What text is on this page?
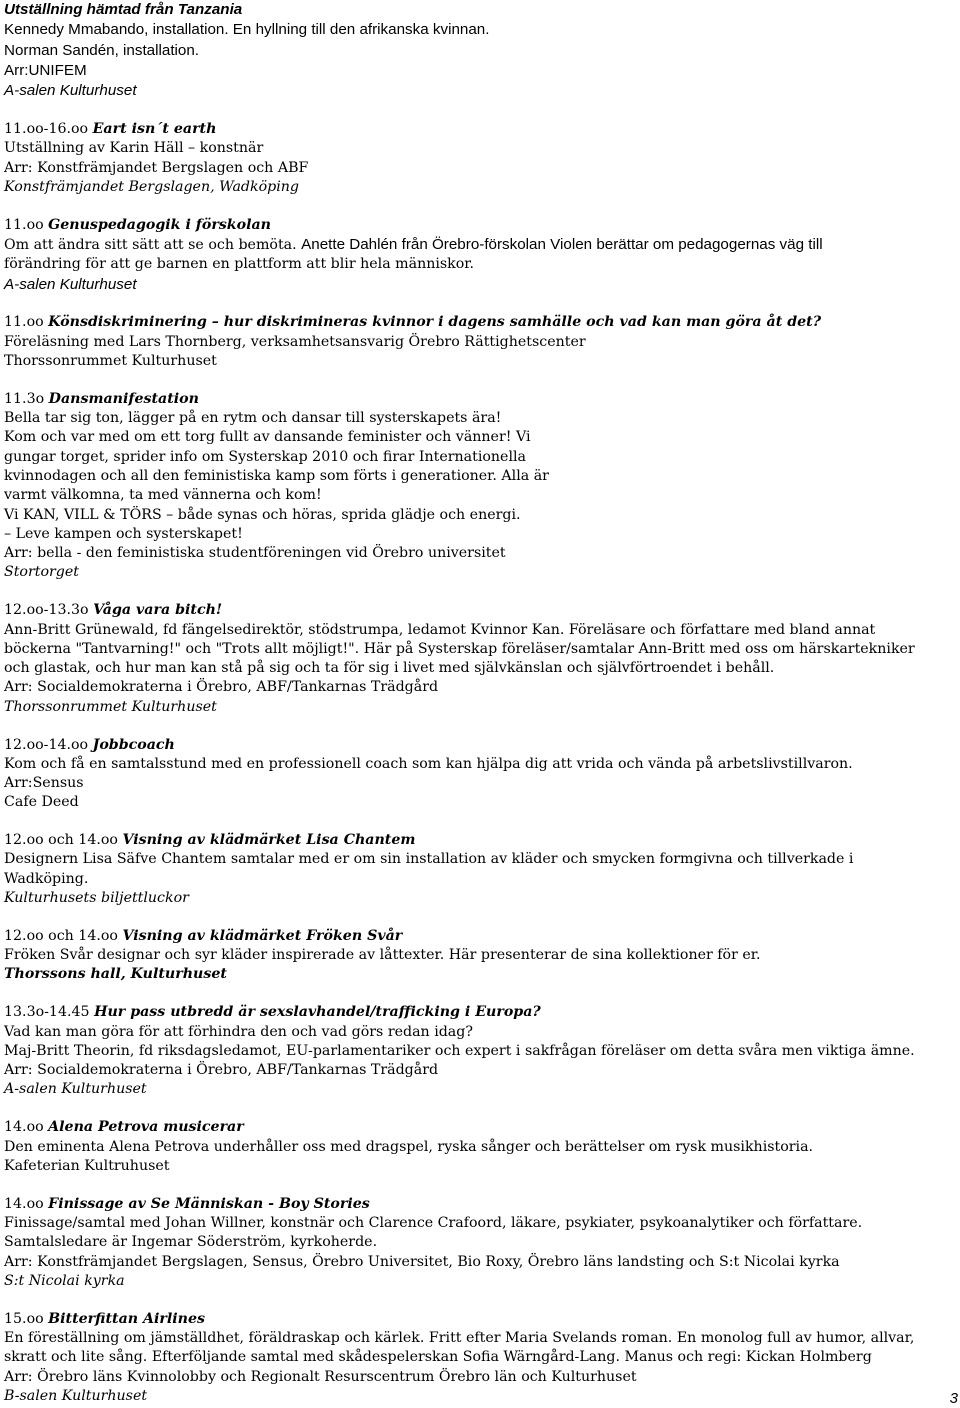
Utställning hämtad från Tanzania
Kennedy Mmabando, installation. En hyllning till den afrikanska kvinnan.
Norman Sandén, installation.
Arr:UNIFEM
A-salen Kulturhuset
11.oo-16.oo Eart isn´t earth
Utställning av Karin Häll – konstnär
Arr: Konstfrämjandet Bergslagen och ABF
Konstfrämjandet Bergslagen, Wadköping
11.oo Genuspedagogik i förskolan
Om att ändra sitt sätt att se och bemöta. Anette Dahlén från Örebro-förskolan Violen berättar om pedagogernas väg till
förändring för att ge barnen en plattform att blir hela människor.
A-salen Kulturhuset
11.oo Könsdiskriminering – hur diskrimineras kvinnor i dagens samhälle och vad kan man göra åt det?
Föreläsning med Lars Thornberg, verksamhetsansvarig Örebro Rättighetscenter
Thorssonrummet Kulturhuset
11.3o Dansmanifestation
Bella tar sig ton, lägger på en rytm och dansar till systerskapets ära!
Kom och var med om ett torg fullt av dansande feminister och vänner! Vi
gungar torget, sprider info om Systerskap 2010 och firar Internationella
kvinnodagen och all den feministiska kamp som förts i generationer. Alla är
varmt välkomna, ta med vännerna och kom!
Vi KAN, VILL & TÖRS – både synas och höras, sprida glädje och energi.
– Leve kampen och systerskapet!
Arr: bella - den feministiska studentföreningen vid Örebro universitet
Stortorget
12.oo-13.3o Våga vara bitch!
Ann-Britt Grünewald, fd fängelsedirektör, stödstrumpa, ledamot Kvinnor Kan. Föreläsare och författare med bland annat
böckerna "Tantvarning!" och "Trots allt möjligt!". Här på Systerskap föreläser/samtalar Ann-Britt med oss om härskartekniker
och glastak, och hur man kan stå på sig och ta för sig i livet med självkänslan och självförtroendet i behåll.
Arr: Socialdemokraterna i Örebro, ABF/Tankarnas Trädgård
Thorssonrummet Kulturhuset
12.oo-14.oo Jobbcoach
Kom och få en samtalsstund med en professionell coach som kan hjälpa dig att vrida och vända på arbetslivstillvaron.
Arr:Sensus
Cafe Deed
12.oo och 14.oo Visning av klädmärket Lisa Chantem
Designern Lisa Säfve Chantem samtalar med er om sin installation av kläder och smycken formgivna och tillverkade i
Wadköping.
Kulturhusets biljettluckor
12.oo och 14.oo Visning av klädmärket Fröken Svår
Fröken Svår designar och syr kläder inspirerade av låttexter. Här presenterar de sina kollektioner för er.
Thorssons hall, Kulturhuset
13.3o-14.45 Hur pass utbredd är sexslavhandel/trafficking i Europa?
Vad kan man göra för att förhindra den och vad görs redan idag?
Maj-Britt Theorin, fd riksdagsledamot, EU-parlamentariker och expert i sakfrågan föreläser om detta svåra men viktiga ämne.
Arr: Socialdemokraterna i Örebro, ABF/Tankarnas Trädgård
A-salen Kulturhuset
14.oo Alena Petrova musicerar
Den eminenta Alena Petrova underhåller oss med dragspel, ryska sånger och berättelser om rysk musikhistoria.
Kafeterian Kultruhuset
14.oo Finissage av Se Människan - Boy Stories
Finissage/samtal med Johan Willner, konstnär och Clarence Crafoord, läkare, psykiater, psykoanalytiker och författare.
Samtalsledare är Ingemar Söderström, kyrkoherde.
Arr: Konstfrämjandet Bergslagen, Sensus, Örebro Universitet, Bio Roxy, Örebro läns landsting och S:t Nicolai kyrka
S:t Nicolai kyrka
15.oo Bitterfittan Airlines
En föreställning om jämställdhet, föräldraskap och kärlek. Fritt efter Maria Svelands roman. En monolog full av humor, allvar,
skratt och lite sång. Efterföljande samtal med skådespelerskan Sofia Wärngård-Lang. Manus och regi: Kickan Holmberg
Arr: Örebro läns Kvinnolobby och Regionalt Resurscentrum Örebro län och Kulturhuset
B-salen Kulturhuset	3
